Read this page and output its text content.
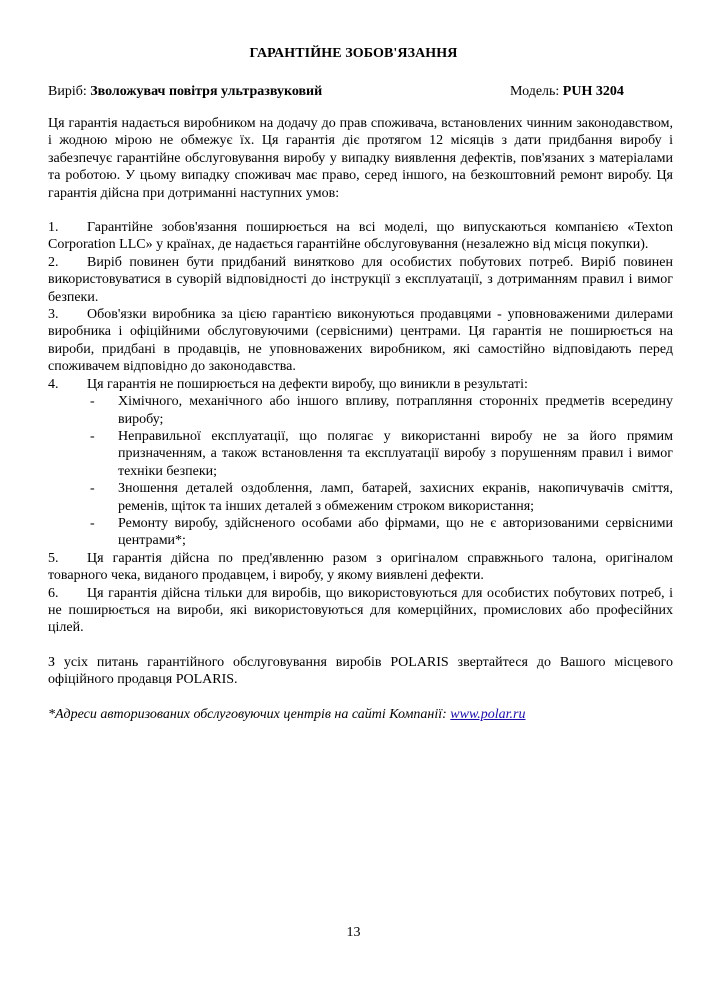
ГАРАНТІЙНЕ ЗОБОВ'ЯЗАННЯ
Виріб: Зволожувач повітря ультразвуковий	Модель: PUH 3204

Ця гарантія надається виробником на додачу до прав споживача, встановлених чинним законодавством, і жодною мірою не обмежує їх. Ця гарантія діє протягом 12 місяців з дати придбання виробу і забезпечує гарантійне обслуговування виробу у випадку виявлення дефектів, пов'язаних з матеріалами та роботою. У цьому випадку споживач має право, серед іншого, на безкоштовний ремонт виробу. Ця гарантія дійсна при дотриманні наступних умов:

1.	Гарантійне зобов'язання поширюється на всі моделі, що випускаються компанією «Texton Corporation LLC» у країнах, де надається гарантійне обслуговування (незалежно від місця покупки).
2.	Виріб повинен бути придбаний винятково для особистих побутових потреб. Виріб повинен використовуватися в суворій відповідності до інструкції з експлуатації, з дотриманням правил і вимог безпеки.
3.	Обов'язки виробника за цією гарантією виконуються продавцями - уповноваженими дилерами виробника і офіційними обслуговуючими (сервісними) центрами. Ця гарантія не поширюється на вироби, придбані в продавців, не уповноважених виробником, які самостійно відповідають перед споживачем відповідно до законодавства.
4.	Ця гарантія не поширюється на дефекти виробу, що виникли в результаті:
- Хімічного, механічного або іншого впливу, потрапляння сторонніх предметів всередину виробу;
- Неправильної експлуатації, що полягає у використанні виробу не за його прямим призначенням, а також встановлення та експлуатації виробу з порушенням правил і вимог техніки безпеки;
- Зношення деталей оздоблення, ламп, батарей, захисних екранів, накопичувачів сміття, ременів, щіток та інших деталей з обмеженим строком використання;
- Ремонту виробу, здійсненого особами або фірмами, що не є авторизованими сервісними центрами*;
5.	Ця гарантія дійсна по пред'явленню разом з оригіналом справжнього талона, оригіналом товарного чека, виданого продавцем, і виробу, у якому виявлені дефекти.
6.	Ця гарантія дійсна тільки для виробів, що використовуються для особистих побутових потреб, і не поширюється на вироби, які використовуються для комерційних, промислових або професійних цілей.

З усіх питань гарантійного обслуговування виробів POLARIS звертайтеся до Вашого місцевого офіційного продавця POLARIS.

*Адреси авторизованих обслуговуючих центрів на сайті Компанії: www.polar.ru

13
